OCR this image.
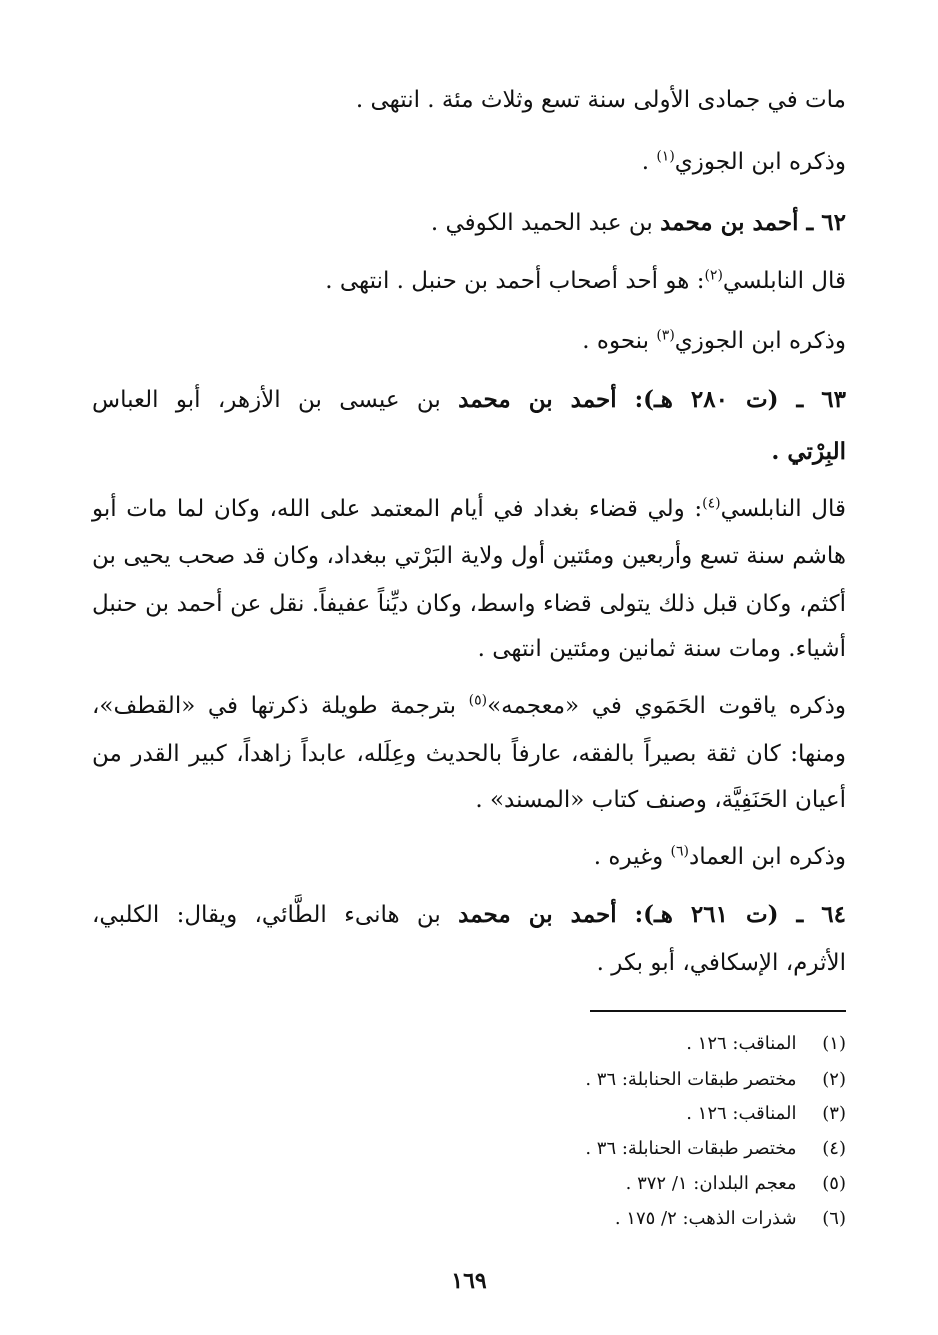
مات في جمادى الأولى سنة تسع وثلاث مئة . انتهى .
وذكره ابن الجوزي$^{(١)}$ .
٦٢ ـ أحمد بن محمد بن عبد الحميد الكوفي .
قال النابلسي$^{(٢)}$: هو أحد أصحاب أحمد بن حنبل . انتهى .
وذكره ابن الجوزي$^{(٣)}$ بنحوه .
٦٣ ـ (ت ٢٨٠ هـ): أحمد بن محمد بن عيسى بن الأزهر، أبو العباس
البِرْتي .
قال النابلسي$^{(٤)}$: ولي قضاء بغداد في أيام المعتمد على الله، وكان لما مات أبو
هاشم سنة تسع وأربعين ومئتين أول ولاية البَرْتي ببغداد، وكان قد صحب يحيى بن
أكثم، وكان قبل ذلك يتولى قضاء واسط، وكان ديِّناً عفيفاً. نقل عن أحمد بن حنبل
أشياء. ومات سنة ثمانين ومئتين انتهى .
وذكره ياقوت الحَمَوي في «معجمه»$^{(٥)}$ بترجمة طويلة ذكرتها في «القطف»،
ومنها: كان ثقة بصيراً بالفقه، عارفاً بالحديث وعِلَله، عابداً زاهداً، كبير القدر من
أعيان الحَنَفِيَّة، وصنف كتاب «المسند» .
وذكره ابن العماد$^{(٦)}$ وغيره .
٦٤ ـ (ت ٢٦١ هـ): أحمد بن محمد بن هانىء الطَّائي، ويقال: الكلبي،
الأثرم، الإسكافي، أبو بكر .
(١)  المناقب: ١٢٦ .
(٢)  مختصر طبقات الحنابلة: ٣٦ .
(٣)  المناقب: ١٢٦ .
(٤)  مختصر طبقات الحنابلة: ٣٦ .
(٥)  معجم البلدان: ١/ ٣٧٢ .
(٦)  شذرات الذهب: ٢/ ١٧٥ .
١٦٩
